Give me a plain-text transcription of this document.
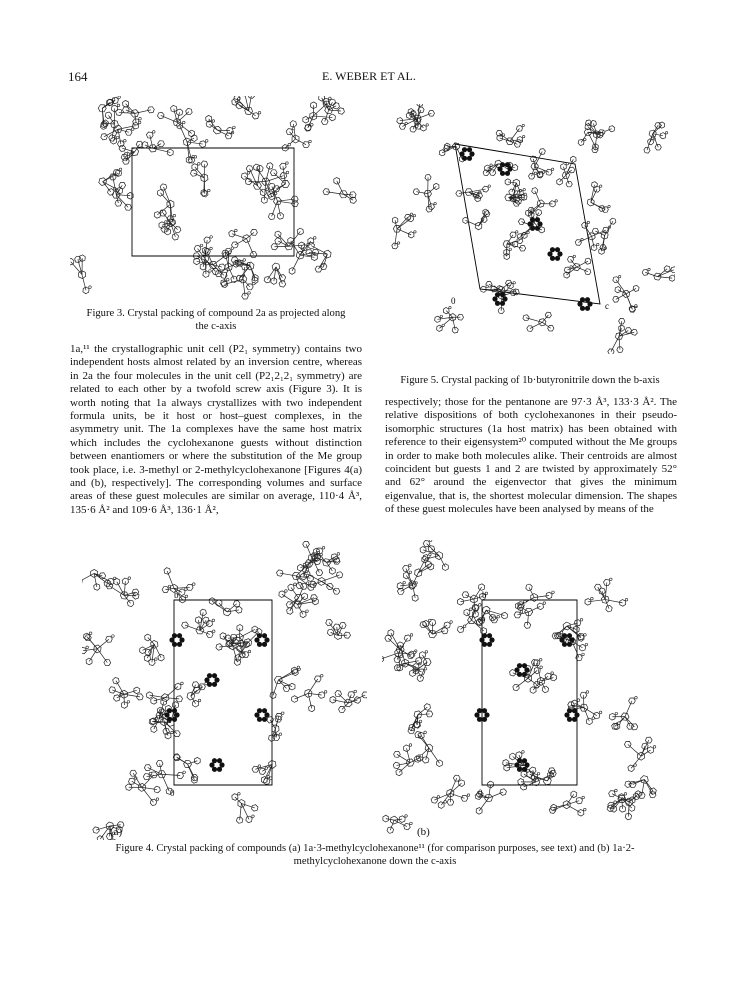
164	E. WEBER ET AL.
Figure 3. Crystal packing of compound 2a as projected along
the c-axis
0	c
Figure 5. Crystal packing of 1b·butyronitrile down the b-axis

1a,¹¹ the crystallographic unit cell (P2₁ symmetry) contains two independent hosts almost related by an inversion centre, whereas in 2a the four molecules in the unit cell (P2₁2₁2₁ symmetry) are related to each other by a twofold screw axis (Figure 3). It is worth noting that 1a always crystallizes with two independent formula units, be it host or host–guest complexes, in the asymmetry unit. The 1a complexes have the same host matrix which includes the cyclohexanone guests without distinction between enantiomers or where the substitution of the Me group took place, i.e. 3-methyl or 2-methylcyclohexanone [Figures 4(a) and (b), respectively]. The corresponding volumes and surface areas of these guest molecules are similar on average, 110·4 Å³, 135·6 Å² and 109·6 Å³, 136·1 Å²,

respectively; those for the pentanone are 97·3 Å³, 133·3 Å². The relative dispositions of both cyclohexanones in their pseudo-isomorphic structures (1a host matrix) has been obtained with reference to their eigensystem²⁰ computed without the Me groups in order to make both molecules alike. Their centroids are almost coincident but guests 1 and 2 are twisted by approximately 52° and 62° around the eigenvector that gives the minimum eigenvalue, that is, the shortest molecular dimension. The shapes of these guest molecules have been analysed by means of the

b
0
b
0
(a)	(b)
Figure 4. Crystal packing of compounds (a) 1a·3-methylcyclohexanone¹¹ (for comparison purposes, see text) and (b) 1a·2-
methylcyclohexanone down the c-axis
